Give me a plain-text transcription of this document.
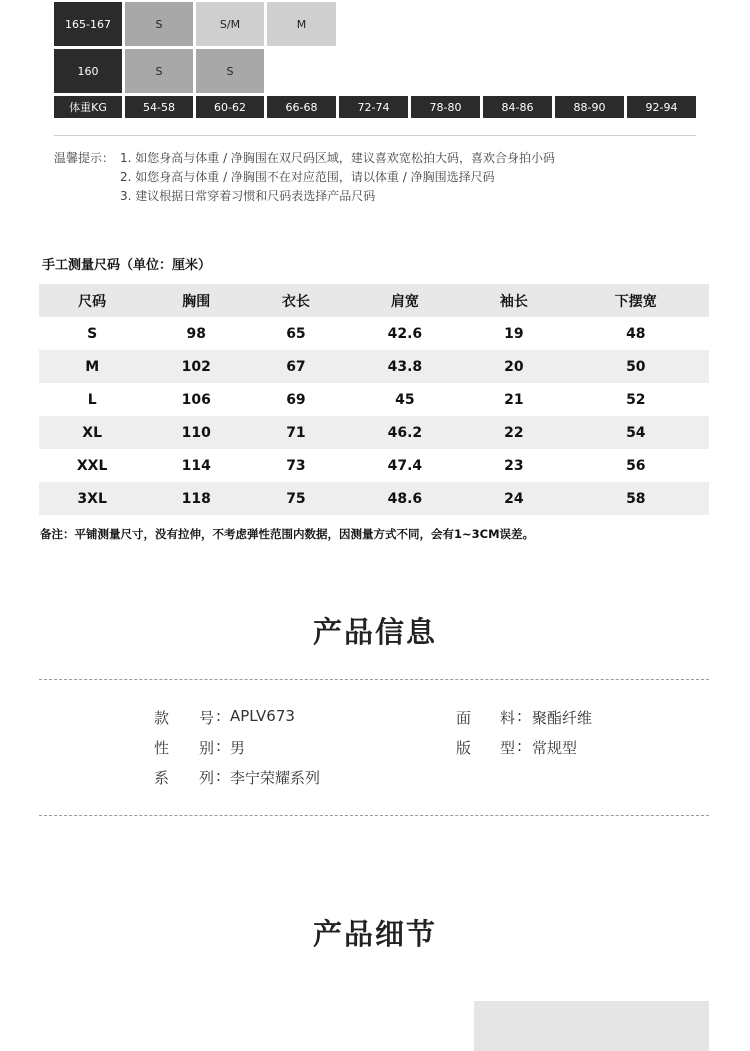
165-167	S	S/M	M
160	S	S
体重KG	54-58	60-62	66-68	72-74	78-80	84-86	88-90	92-94
温馨提示： 1. 如您身高与体重 / 净胸围在双尺码区域，建议喜欢宽松拍大码，喜欢合身拍小码
2. 如您身高与体重 / 净胸围不在对应范围，请以体重 / 净胸围选择尺码
3. 建议根据日常穿着习惯和尺码表选择产品尺码
手工测量尺码（单位：厘米）
尺码	胸围	衣长	肩宽	袖长	下摆宽
S	98	65	42.6	19	48
M	102	67	43.8	20	50
L	106	69	45	21	52
XL	110	71	46.2	22	54
XXL	114	73	47.4	23	56
3XL	118	75	48.6	24	58
备注：平铺测量尺寸，没有拉伸，不考虑弹性范围内数据，因测量方式不同，会有1~3CM误差。
产品信息
款 号 : APLV673	面 料 : 聚酯纤维
性 别 : 男	版 型 : 常规型
系 列 : 李宁荣耀系列
产品细节
